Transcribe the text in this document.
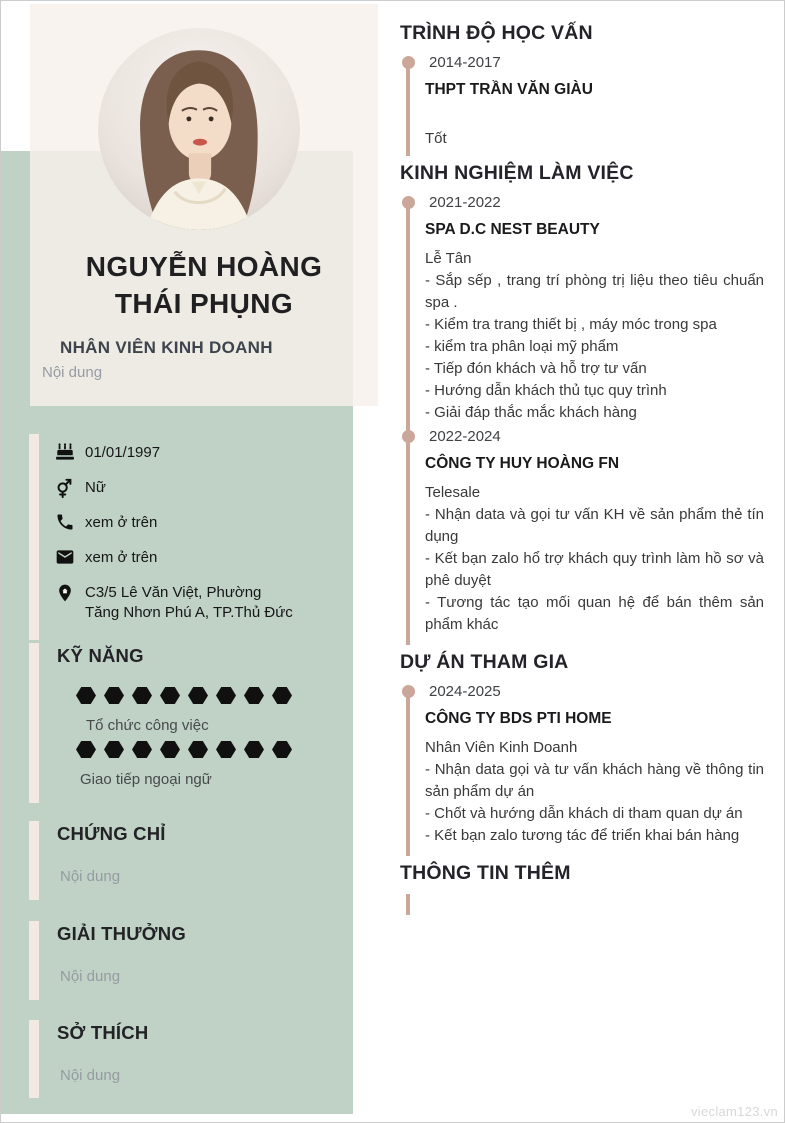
NGUYỄN HOÀNG
THÁI PHỤNG
NHÂN VIÊN KINH DOANH
Nội dung
01/01/1997
Nữ
xem ở trên
xem ở trên
C3/5 Lê Văn Việt, Phường Tăng Nhơn Phú A, TP.Thủ Đức
KỸ NĂNG
Tổ chức công việc
Giao tiếp ngoại ngữ
CHỨNG CHỈ
Nội dung
GIẢI THƯỞNG
Nội dung
SỞ THÍCH
Nội dung
TRÌNH ĐỘ HỌC VẤN
2014-2017
THPT TRẦN VĂN GIÀU
Tốt
KINH NGHIỆM LÀM VIỆC
2021-2022
SPA D.C NEST BEAUTY
Lễ Tân
- Sắp sếp , trang trí phòng trị liệu theo tiêu chuẩn spa .
- Kiểm tra trang thiết bị , máy móc trong spa
- kiểm tra phân loại mỹ phẩm
- Tiếp đón khách và hỗ trợ tư vấn
- Hướng dẫn khách thủ tục quy trình
- Giải đáp thắc mắc khách hàng
2022-2024
CÔNG TY HUY HOÀNG FN
Telesale
- Nhận data và gọi tư vấn KH về sản phẩm thẻ tín dụng
- Kết bạn zalo hổ trợ khách quy trình làm hồ sơ và phê duyệt
- Tương tác tạo mối quan hệ để bán thêm sản phẩm khác
DỰ ÁN THAM GIA
2024-2025
CÔNG TY BDS PTI HOME
Nhân Viên Kinh Doanh
- Nhận data gọi và tư vấn khách hàng về thông tin sản phẩm dự án
- Chốt và hướng dẫn khách di tham quan dự án
- Kết bạn zalo tương tác để triển khai bán hàng
THÔNG TIN THÊM
vieclam123.vn
